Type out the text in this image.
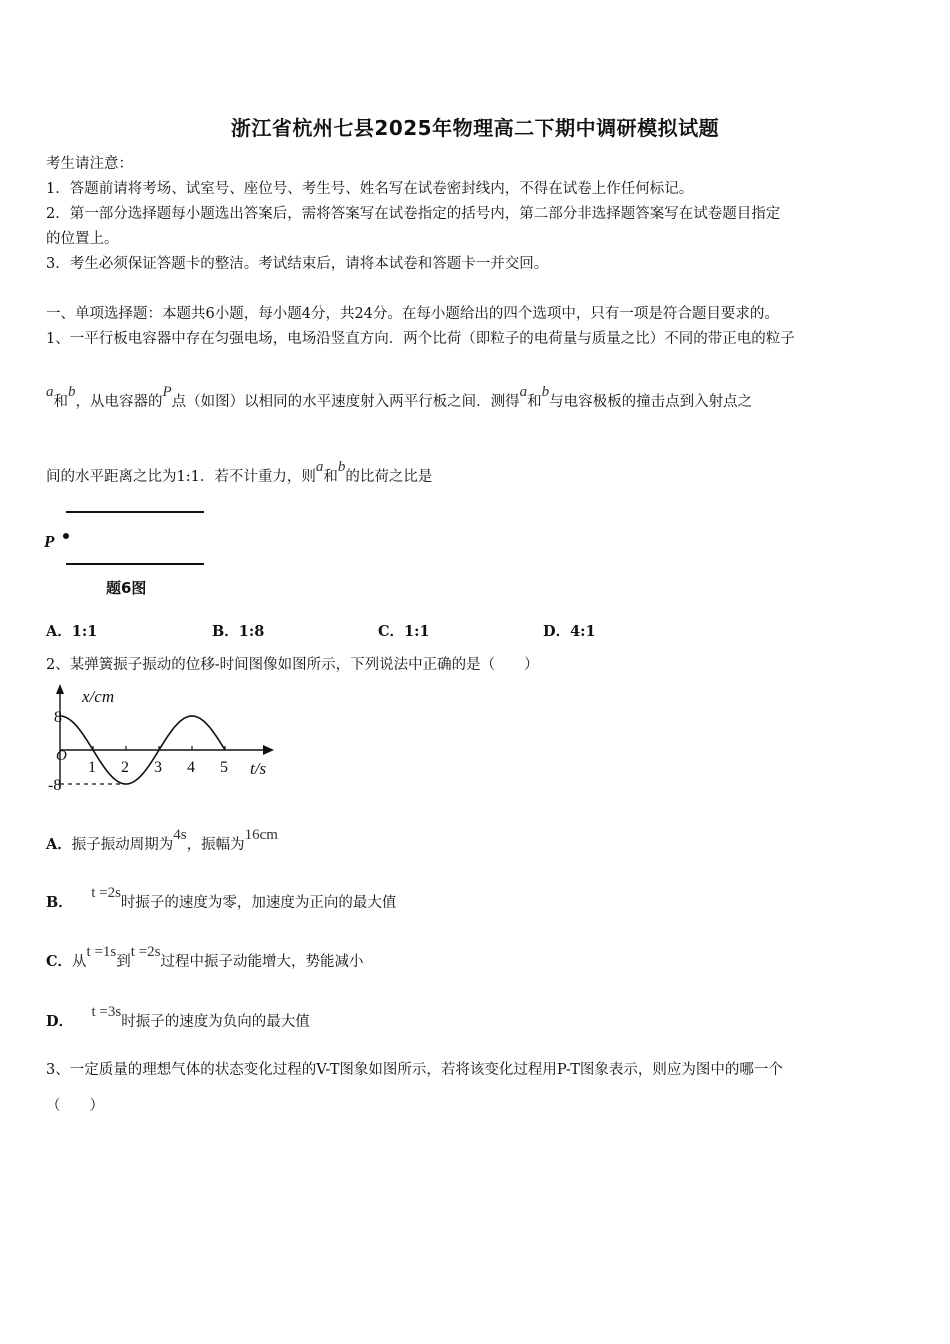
浙江省杭州七县2025年物理高二下期中调研模拟试题
考生请注意：
1．答题前请将考场、试室号、座位号、考生号、姓名写在试卷密封线内，不得在试卷上作任何标记。
2．第一部分选择题每小题选出答案后，需将答案写在试卷指定的括号内，第二部分非选择题答案写在试卷题目指定
的位置上。
3．考生必须保证答题卡的整洁。考试结束后，请将本试卷和答题卡一并交回。
一、单项选择题：本题共6小题，每小题4分，共24分。在每小题给出的四个选项中，只有一项是符合题目要求的。
1、一平行板电容器中存在匀强电场，电场沿竖直方向．两个比荷（即粒子的电荷量与质量之比）不同的带正电的粒子
a和b，从电容器的P点（如图）以相同的水平速度射入两平行板之间．测得a和b与电容极板的撞击点到入射点之
间的水平距离之比为1:1．若不计重力，则a和b的比荷之比是
P
题6图
A．1:1	B．1:8	C．1:1	D．4:1
2、某弹簧振子振动的位移-时间图像如图所示，下列说法中正确的是（　　）
x/cm
t/s
O
8
-8
1 2 3 4 5
A．振子振动周期为4s，振幅为16cm
B．    t =2s时振子的速度为零，加速度为正向的最大值
C．从t =1s到t =2s过程中振子动能增大，势能减小
D．    t =3s时振子的速度为负向的最大值
3、一定质量的理想气体的状态变化过程的V-T图象如图所示，若将该变化过程用P-T图象表示，则应为图中的哪一个
（　　）
